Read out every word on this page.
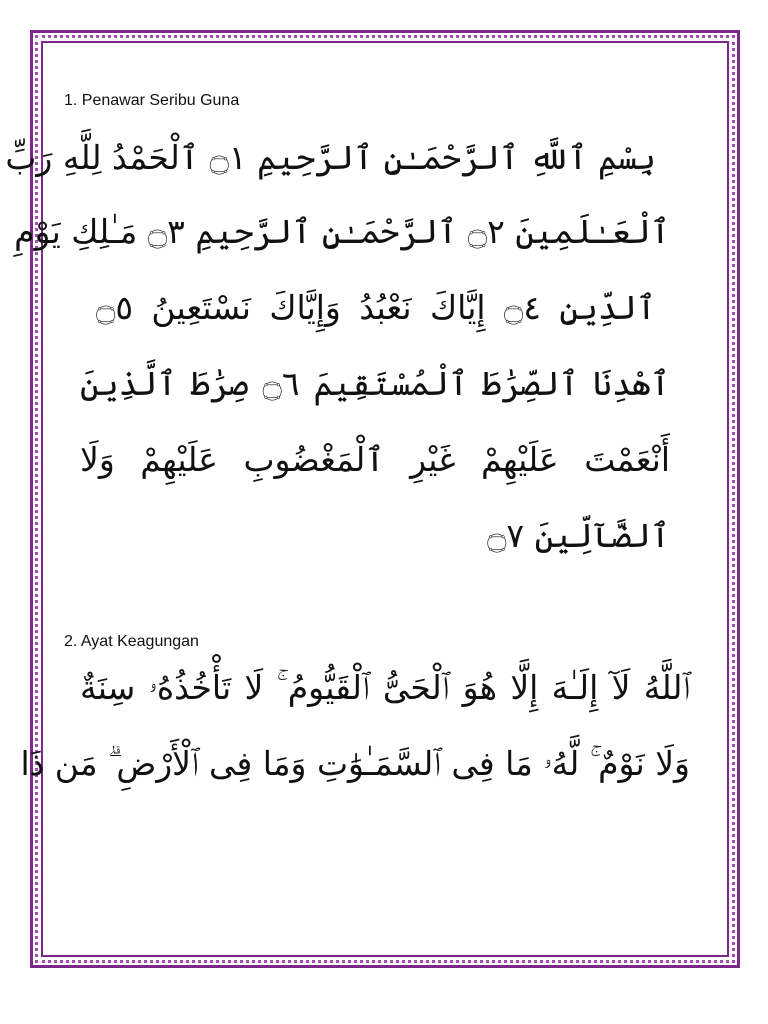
1. Penawar Seribu Guna
بِسْمِ ٱللَّهِ ٱلرَّحْمَـٰنِ ٱلرَّحِيمِ ۝١ ٱلْحَمْدُ لِلَّهِ رَبِّ
ٱلْعَـٰلَمِينَ ۝٢ ٱلرَّحْمَـٰنِ ٱلرَّحِيمِ ۝٣ مَـٰلِكِ يَوْمِ
ٱلدِّينِ ۝٤ إِيَّاكَ نَعْبُدُ وَإِيَّاكَ نَسْتَعِينُ ۝٥
ٱهْدِنَا ٱلصِّرَٰطَ ٱلْمُسْتَقِيمَ ۝٦ صِرَٰطَ ٱلَّذِينَ
أَنْعَمْتَ عَلَيْهِمْ غَيْرِ ٱلْمَغْضُوبِ عَلَيْهِمْ وَلَا
ٱلضَّآلِّينَ ۝٧
2. Ayat Keagungan
ٱللَّهُ لَآ إِلَـٰهَ إِلَّا هُوَ ٱلْحَىُّ ٱلْقَيُّومُ ۚ لَا تَأْخُذُهُۥ سِنَةٌ
وَلَا نَوْمٌ ۚ لَّهُۥ مَا فِى ٱلسَّمَـٰوَٰتِ وَمَا فِى ٱلْأَرْضِ ۗ مَن ذَا
